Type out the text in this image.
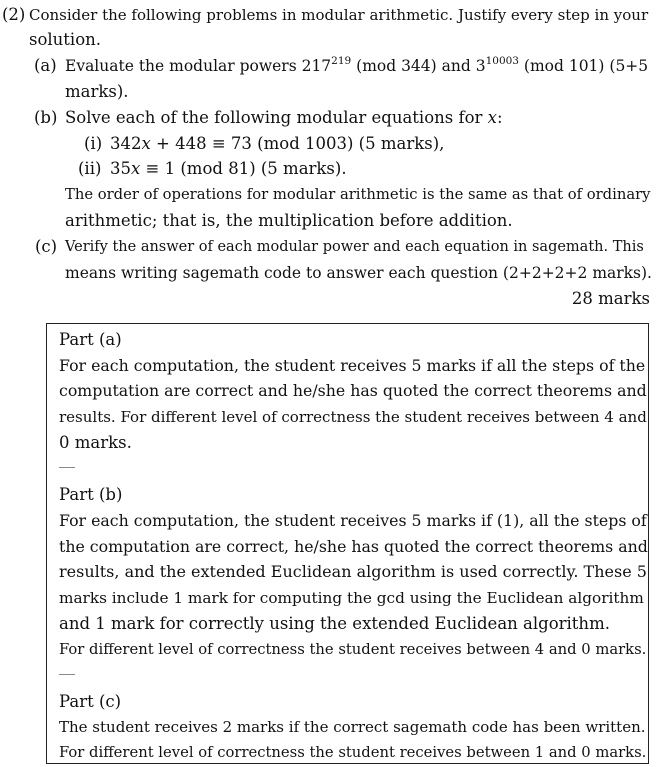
(2) Consider the following problems in modular arithmetic. Justify every step in your
solution.
(a) Evaluate the modular powers $217^{219}$ (mod 344) and $3^{10003}$ (mod 101) (5+5
marks).
(b) Solve each of the following modular equations for x:
(i) 342x + 448 ≡ 73 (mod 1003) (5 marks),
(ii) 35x ≡ 1 (mod 81) (5 marks).
The order of operations for modular arithmetic is the same as that of ordinary
arithmetic; that is, the multiplication before addition.
(c) Verify the answer of each modular power and each equation in sagemath. This
means writing sagemath code to answer each question (2+2+2+2 marks).
28 marks
Part (a)
For each computation, the student receives 5 marks if all the steps of the
computation are correct and he/she has quoted the correct theorems and
results. For different level of correctness the student receives between 4 and
0 marks.
Part (b)
For each computation, the student receives 5 marks if (1), all the steps of
the computation are correct, he/she has quoted the correct theorems and
results, and the extended Euclidean algorithm is used correctly. These 5
marks include 1 mark for computing the gcd using the Euclidean algorithm
and 1 mark for correctly using the extended Euclidean algorithm.
For different level of correctness the student receives between 4 and 0 marks.
Part (c)
The student receives 2 marks if the correct sagemath code has been written.
For different level of correctness the student receives between 1 and 0 marks.
